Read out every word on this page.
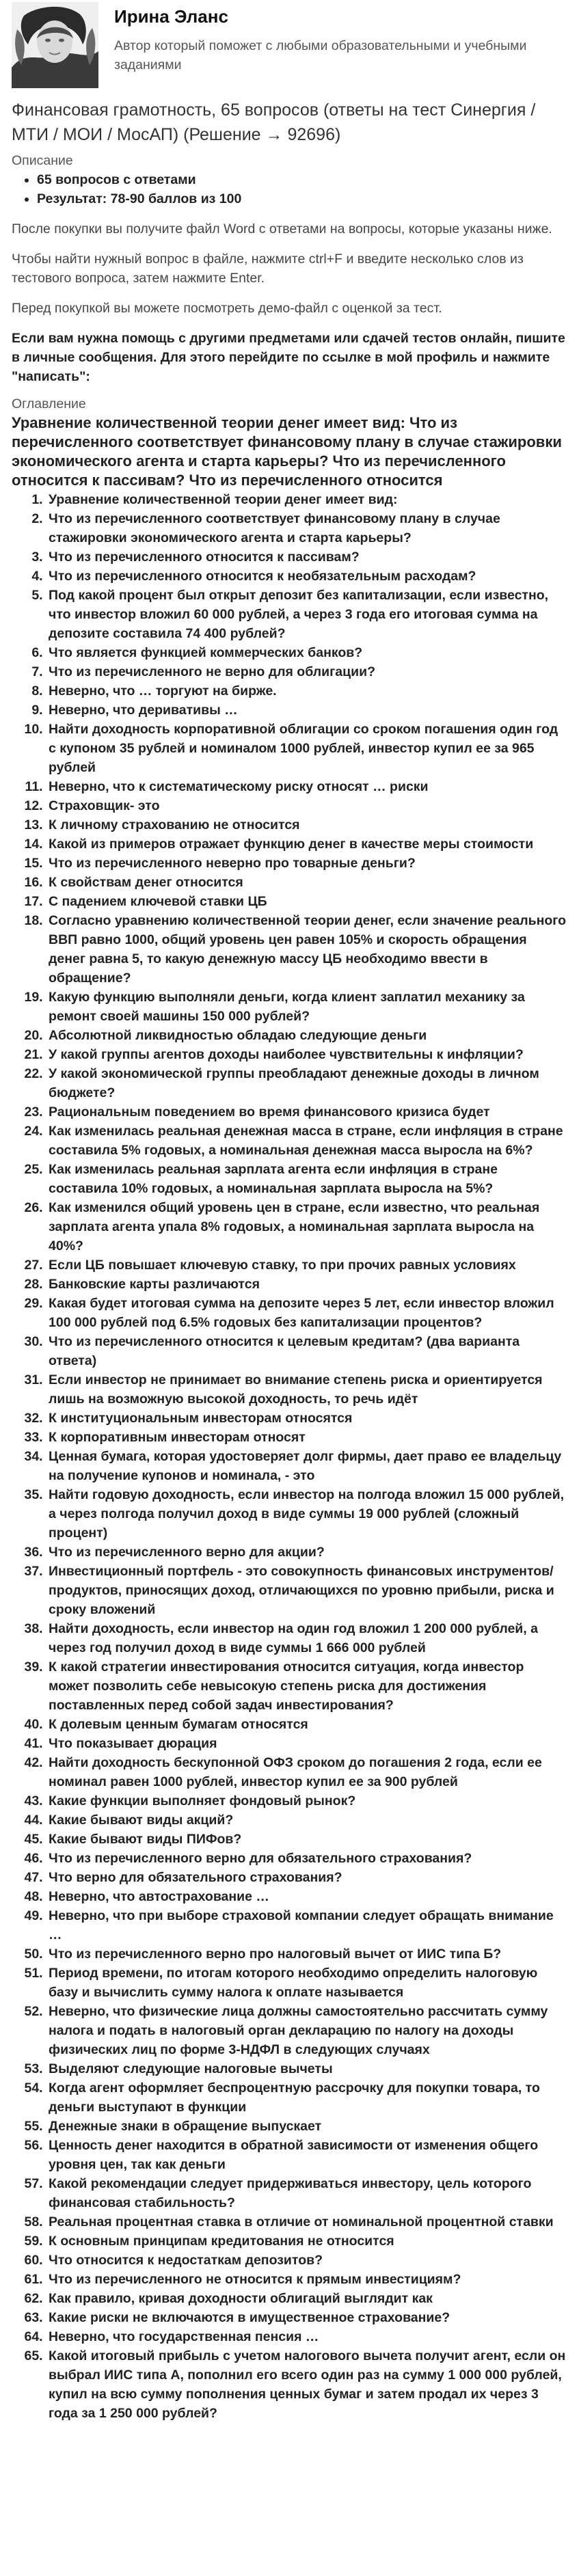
Ирина Эланс
Автор который поможет с любыми образовательными и учебными заданиями
Финансовая грамотность, 65 вопросов (ответы на тест Синергия / МТИ / МОИ / МосАП) (Решение → 92696)
Описание
• 65 вопросов с ответами
• Результат: 78-90 баллов из 100
После покупки вы получите файл Word с ответами на вопросы, которые указаны ниже.
Чтобы найти нужный вопрос в файле, нажмите ctrl+F и введите несколько слов из тестового вопроса, затем нажмите Enter.
Перед покупкой вы можете посмотреть демо-файл с оценкой за тест.
Если вам нужна помощь с другими предметами или сдачей тестов онлайн, пишите в личные сообщения. Для этого перейдите по ссылке в мой профиль и нажмите "написать":
Оглавление
Уравнение количественной теории денег имеет вид: Что из перечисленного соответствует финансовому плану в случае стажировки экономического агента и старта карьеры? Что из перечисленного относится к пассивам? Что из перечисленного относится
1. Уравнение количественной теории денег имеет вид:
2. Что из перечисленного соответствует финансовому плану в случае стажировки экономического агента и старта карьеры?
3. Что из перечисленного относится к пассивам?
4. Что из перечисленного относится к необязательным расходам?
5. Под какой процент был открыт депозит без капитализации, если известно, что инвестор вложил 60 000 рублей, а через 3 года его итоговая сумма на депозите составила 74 400 рублей?
6. Что является функцией коммерческих банков?
7. Что из перечисленного не верно для облигации?
8. Неверно, что … торгуют на бирже.
9. Неверно, что деривативы …
10. Найти доходность корпоративной облигации со сроком погашения один год с купоном 35 рублей и номиналом 1000 рублей, инвестор купил ее за 965 рублей
11. Неверно, что к систематическому риску относят … риски
12. Страховщик- это
13. К личному страхованию не относится
14. Какой из примеров отражает функцию денег в качестве меры стоимости
15. Что из перечисленного неверно про товарные деньги?
16. К свойствам денег относится
17. С падением ключевой ставки ЦБ
18. Согласно уравнению количественной теории денег, если значение реального ВВП равно 1000, общий уровень цен равен 105% и скорость обращения денег равна 5, то какую денежную массу ЦБ необходимо ввести в обращение?
19. Какую функцию выполняли деньги, когда клиент заплатил механику за ремонт своей машины 150 000 рублей?
20. Абсолютной ликвидностью обладаю следующие деньги
21. У какой группы агентов доходы наиболее чувствительны к инфляции?
22. У какой экономической группы преобладают денежные доходы в личном бюджете?
23. Рациональным поведением во время финансового кризиса будет
24. Как изменилась реальная денежная масса в стране, если инфляция в стране составила 5% годовых, а номинальная денежная масса выросла на 6%?
25. Как изменилась реальная зарплата агента если инфляция в стране составила 10% годовых, а номинальная зарплата выросла на 5%?
26. Как изменился общий уровень цен в стране, если известно, что реальная зарплата агента упала 8% годовых, а номинальная зарплата выросла на 40%?
27. Если ЦБ повышает ключевую ставку, то при прочих равных условиях
28. Банковские карты различаются
29. Какая будет итоговая сумма на депозите через 5 лет, если инвестор вложил 100 000 рублей под 6.5% годовых без капитализации процентов?
30. Что из перечисленного относится к целевым кредитам? (два варианта ответа)
31. Если инвестор не принимает во внимание степень риска и ориентируется лишь на возможную высокой доходность, то речь идёт
32. К институциональным инвесторам относятся
33. К корпоративным инвесторам относят
34. Ценная бумага, которая удостоверяет долг фирмы, дает право ее владельцу на получение купонов и номинала, - это
35. Найти годовую доходность, если инвестор на полгода вложил 15 000 рублей, а через полгода получил доход в виде суммы 19 000 рублей (сложный процент)
36. Что из перечисленного верно для акции?
37. Инвестиционный портфель - это совокупность финансовых инструментов/продуктов, приносящих доход, отличающихся по уровню прибыли, риска и сроку вложений
38. Найти доходность, если инвестор на один год вложил 1 200 000 рублей, а через год получил доход в виде суммы 1 666 000 рублей
39. К какой стратегии инвестирования относится ситуация, когда инвестор может позволить себе невысокую степень риска для достижения поставленных перед собой задач инвестирования?
40. К долевым ценным бумагам относятся
41. Что показывает дюрация
42. Найти доходность бескупонной ОФЗ сроком до погашения 2 года, если ее номинал равен 1000 рублей, инвестор купил ее за 900 рублей
43. Какие функции выполняет фондовый рынок?
44. Какие бывают виды акций?
45. Какие бывают виды ПИФов?
46. Что из перечисленного верно для обязательного страхования?
47. Что верно для обязательного страхования?
48. Неверно, что автострахование …
49. Неверно, что при выборе страховой компании следует обращать внимание …
50. Что из перечисленного верно про налоговый вычет от ИИС типа Б?
51. Период времени, по итогам которого необходимо определить налоговую базу и вычислить сумму налога к оплате называется
52. Неверно, что физические лица должны самостоятельно рассчитать сумму налога и подать в налоговый орган декларацию по налогу на доходы физических лиц по форме 3-НДФЛ в следующих случаях
53. Выделяют следующие налоговые вычеты
54. Когда агент оформляет беспроцентную рассрочку для покупки товара, то деньги выступают в функции
55. Денежные знаки в обращение выпускает
56. Ценность денег находится в обратной зависимости от изменения общего уровня цен, так как деньги
57. Какой рекомендации следует придерживаться инвестору, цель которого финансовая стабильность?
58. Реальная процентная ставка в отличие от номинальной процентной ставки
59. К основным принципам кредитования не относится
60. Что относится к недостаткам депозитов?
61. Что из перечисленного не относится к прямым инвестициям?
62. Как правило, кривая доходности облигаций выглядит как
63. Какие риски не включаются в имущественное страхование?
64. Неверно, что государственная пенсия …
65. Какой итоговый прибыль с учетом налогового вычета получит агент, если он выбрал ИИС типа А, пополнил его всего один раз на сумму 1 000 000 рублей, купил на всю сумму пополнения ценных бумаг и затем продал их через 3 года за 1 250 000 рублей?
